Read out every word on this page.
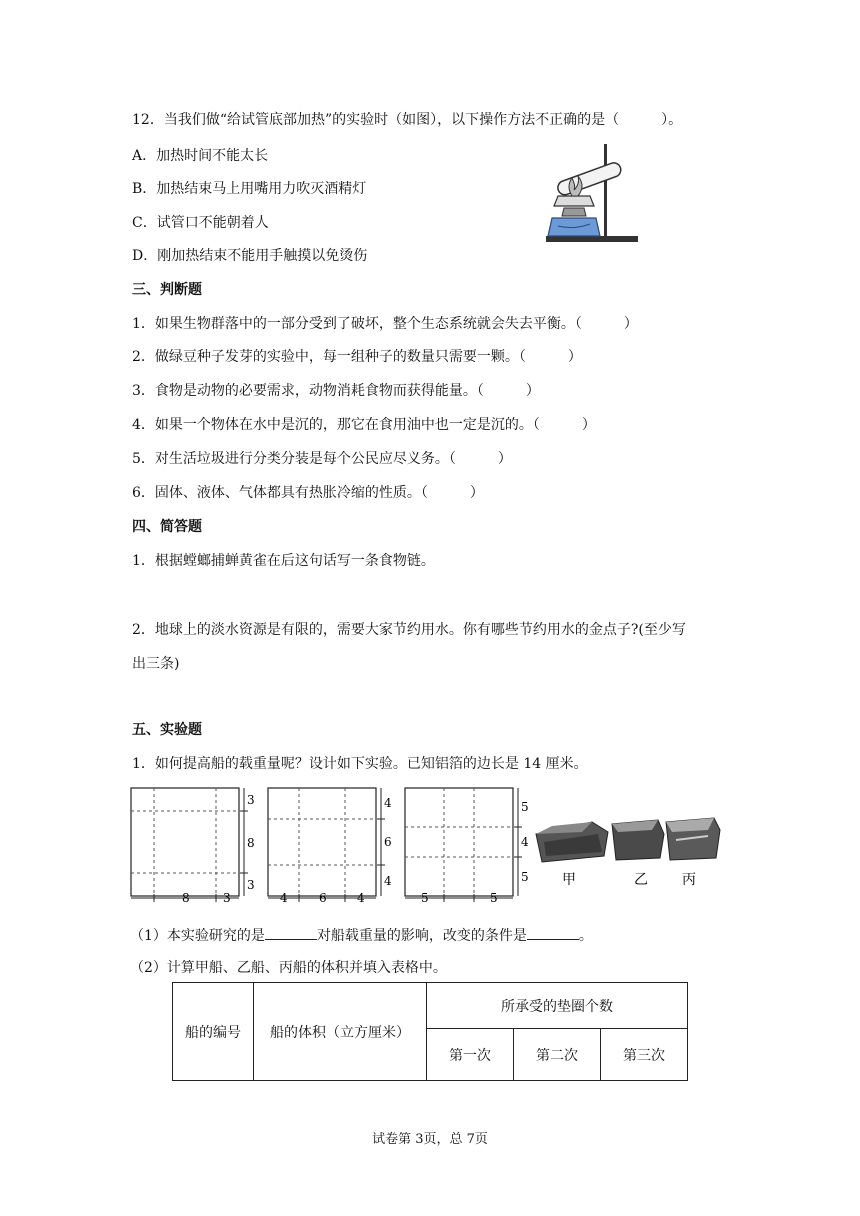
12．当我们做“给试管底部加热”的实验时（如图），以下操作方法不正确的是（　　　）。
A．加热时间不能太长
B．加热结束马上用嘴用力吹灭酒精灯
C．试管口不能朝着人
D．刚加热结束不能用手触摸以免烫伤
三、判断题
1．如果生物群落中的一部分受到了破坏，整个生态系统就会失去平衡。（　　　）
2．做绿豆种子发芽的实验中，每一组种子的数量只需要一颗。（　　　）
3．食物是动物的必要需求，动物消耗食物而获得能量。（　　　）
4．如果一个物体在水中是沉的，那它在食用油中也一定是沉的。（　　　）
5．对生活垃圾进行分类分装是每个公民应尽义务。（　　　）
6．固体、液体、气体都具有热胀冷缩的性质。（　　　）
四、简答题
1．根据螳螂捕蝉黄雀在后这句话写一条食物链。
2．地球上的淡水资源是有限的，需要大家节约用水。你有哪些节约用水的金点子?(至少写
出三条)
五、实验题
1．如何提高船的载重量呢？设计如下实验。已知铝箔的边长是 14 厘米。
3
8
3
8	3
4
6
4
4	6	4
5
4
5
5	5
甲	乙 丙
（1）本实验研究的是	对船载重量的影响，改变的条件是	。
（2）计算甲船、乙船、丙船的体积并填入表格中。
船的编号	船的体积（立方厘米）	所承受的垫圈个数		
		第一次	第二次	第三次
试卷第 3页，总 7页
